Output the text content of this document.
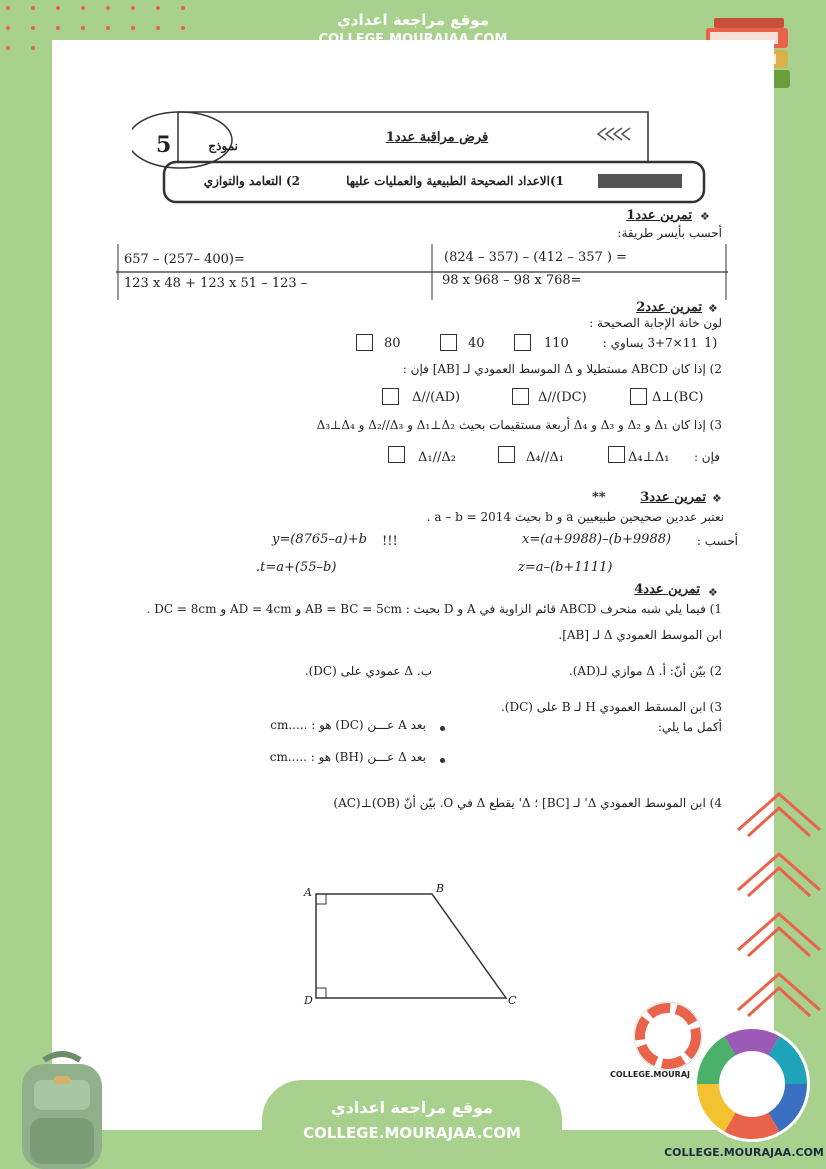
موقع مراجعة اعدادي
5	نموذج
فرض مراقبة عدد1
1)الاعداد الصحيحة الطبيعية والعمليات عليها
2) التعامد والتوازي
❖
تمرين عدد1
أحسب بأيسر طريقة:
657 – (257– 400)=	(824 – 357) – (412 – 357 ) =
123 x 48 + 123 x 51 – 123 –	98 x 968 – 98 x 768=
❖
تمرين عدد2
لون خانة الإجابة الصحيحة :
1)
11×3+7 يساوي :
110
40
80
2) إذا كان ABCD مستطيلا و Δ الموسط العمودي لـ [AB] فإن :
Δ⊥(BC)
Δ//(DC)
Δ//(AD)
3) إذا كان Δ₁ و Δ₂ و Δ₃ و Δ₄ أربعة مستقيمات بحيث Δ₁⊥Δ₂ و Δ₂//Δ₃ و Δ₃⊥Δ₄
فإن :
Δ₄⊥Δ₁
Δ₄//Δ₁
Δ₁//Δ₂
❖
تمرين عدد3
**
نعتبر عددين صحيحين طبيعيين a و b بحيث a – b = 2014 .
أحسب :
x=(a+9988)–(b+9988)
y=(8765–a)+b !!!
z=a–(b+1111)
.t=a+(55–b)
❖
تمرين عدد4
1) فيما يلي شبه منحرف ABCD قائم الزاوية في A و D بحيث : AB = BC = 5cm و AD = 4cm و DC = 8cm .
ابن الموسط العمودي Δ لـ [AB].
2) بيّن أنّ: أ. Δ موازي لـ(AD).
ب. Δ عمودي على (DC).
3) ابن المسقط العمودي H لـ B على (DC).
أكمل ما يلي:
بعد A عـــن (DC) هو : .....cm
بعد Δ عـــن (BH) هو : .....cm
4) ابن الموسط العمودي Δ' لـ [BC] ؛ Δ' يقطع Δ في O. بيّن أنّ (OB)⊥(AC)
A	B
C
D
موقع مراجعة اعدادي
COLLEGE.MOURAJAA.COM
COLLEGE.MOURAJ
COLLEGE.MOURAJAA.COM
